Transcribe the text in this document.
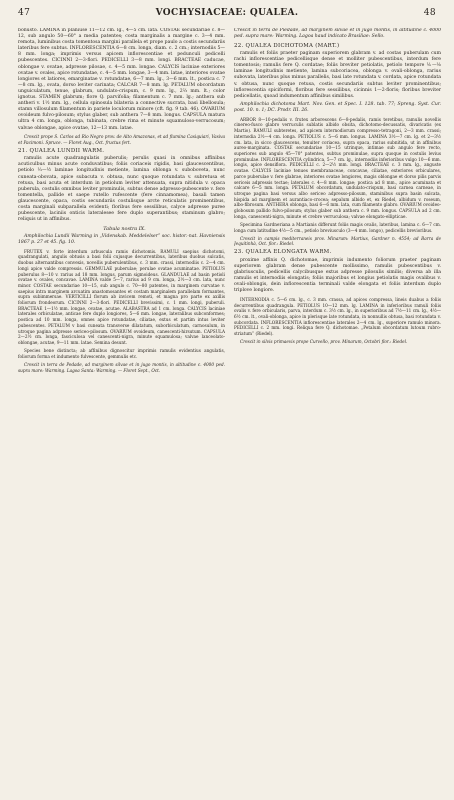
47	VOCHYSIACEAE: QUALEA.	48

bonusto. LAMINA in planiuse 11—12 cm. lg., 4—5 cm. lata. COSTAE secundariae c. 8—12, sub angulo 50—60° a media patentes; costa marginalis a margine c. 3—4 mm. remota, luminibus costa tomentosa margini parallela et prope paulo a costis secundariis lateribus fere subtus. INFLORESCENTIA 6—8 cm. longa, diam. c. 2 cm.; internodiis 5—8 mm. longa; imprimis versus apicem inflorescentiae et pedunculi pedicelli pubescentes. CICINNI 2—3-flori. PEDICELLI 3—8 mm. longi. BRACTEAE caducae, oblongae v. ovatae, adpresse pilosae, c. 4—5 mm. longae. CALYCIS laciniae exteriores ovatae v. ovales, apice rotundatae, c. 4—5 mm. longae, 3—4 mm. latae, interiores ovatae longiores et latiores, emarginatae v. rotundatae, 6—7 mm. lg., 3—6 mm. lt., postica c. 7—8 cm. lg., ovata, dorso leviter carinata; CALCAR 7—8 mm. lg. PETALUM obcordatum unguiculatum, tenue, glabrum, undulato-crispum, c. 9 mm. lg., 2⅔ mm. lt.; color ignotus. STAMEN glabrum; flore Q. parvifolia; filamentum c. 7 mm. lg.; anthera sub antheri v. 1½ mm. lg., cellula spinosula bilateria a connective sucrata, basi libellosula; stamn villosulum filamentum in pariete loculorum minore (cft. fig. 9 tab. 46). OVARIUM ovoideum fulvo-pilosum; stylus glaber, sub anthera 7—8 mm. longus. CAPSULA matura ultra 4 cm. longa, oblonga, tubinata, crebre rima et minute squamuloso-verrucosum; valvae oblongae, apice ovatae, 12—13 mm. latae.

Crescit prope S. Carlos ad Rio Negro prov. de Alto Amazonas, et ad flumina Casiquiari, Vasiva et Pacimoni. Spruce. — Floret Aug., Oct. fructus fert.

21. QUALEA LUNDII WARM.

ramulis acute quadrangulatis puberulis; perulis quasi in omnibus affinibus acuticulbus minus acute conduvatibus; foliis coriaceis rigidis, basi glaucescentibus, petiolo ⅓—½ laminae longitudinis metiente, lamina oblonga v. suboboveta, nunc cuneata-obovata, apice subacuta v. obtusa, nunc quoque rotundata v. subretusa et retusa, basi acuta et interdum in petiolum leviter attenuata, supra nitidula v. opaca puberula, costulis omnibus leviter prominulis, subtus dense adpresso-pubescente v. fere tomentella, pallide et saepe rutello rufescente (fere cinnamomea), basali tamen glaucescente, opaca, costis secundariis costulisque arcte reticulatis prominentibus, costa marginali subparallela evidenti; floribus fere sessilibus, calyce adpresse puree pubescente, laciniis onticis lateralesee fere duplo superantibus; staminum glabro; reliquis ut in affinibus.

Tabula nostra IX.

Amphilochia Lundii Warming in „Videnskab. Meddelelser” soc. histor.-nat. Havniensis 1867 p. 27 et 45. fig. 10.

FRUTEX v. forte interdum arbuscula ramis dichotomis. RAMULI saepius dichotomi, quadrangulati, angulis obtusis a basi folii cujusque decurrentibus, lateribus duobus sulcatis, duobus alternantibus convexis, novellis puberulentibus, c. 3 mm. crassi, internodiis c. 2—4 cm. longi apice valde compressis. GEMMULAE puberulae; perulae ovatae acuminatae. PETIOLUS puberulus 8—10 v. rarius ad 18 mm. longus, parum sigmoideus. GLANDULAE ad basin petioli ovatae v. ovales, concavae. LAMINA valde 5—7, rarius ad 9 cm. longa, 2½—3 cm. lata, nunc minor. COSTAE secundariae 10—15, sub angulo c. 70—80 patentes, in marginem curvatae v. saepius intra marginem arcuatim anastomosantes et costam marginalem parallelam formantes, supra subimmersae. VERTICILLI florum ab invicem remoti, et magna pro parte ex axillis foliorum frondeorum. CICINNI 2—3-flori. PEDICELLI brevissimi, c. 1 mm. longi, puberuli. BRACTEAE 1—1½ mm. longae, ovatae, acutae. ALABASTRA ad 1 cm. longa. CALYCIS laciniae laterales orbiculatae, anticae fere duplo longiores, 5—6 mm. longae, lateralibus subconformes; postica ad 10 mm. longa, omnes apice rotundatae, ciliatae, extus et partim intus leviter pubescentes. PETALUM v basi cuneata transverse dilatatum, suborbiculatum, carnosulum, in utroque pagina adpresse sericeo-pilosum. OVARIUM ovoideum, canescenti-hirsutum. CAPSULA 2—2½ cm. longa, fasciculosa vel canescenti-nigra, minute squamulosa; valvae lanceolato-oblongae, acutae, 9—11 mm. latae. Semina desunt.

Species bene distincta; ab affinibus dignoscitur imprimis ramulis evidentius angulatis, foliorum forma et indumento fulvescente, gemmulis etc.

Crescit in terra de Pedade, ad marginem silvae et in jugo montis, in altitudine c. 4000 ped. supra mare: Warming. Lagoa Santa: Warming. — Floret Sept., Oct.

Crescit in terra de Piedade, ad marginem silvae et in jugo montis, in altitudine c. 4000 ped. supra mare: Warming. Lagoa haud indicato Brasiliae: Sello.

22. QUALEA DICHOTOMA (MART.)

ramulis et foliis praeter paginam superiorem glabram v. ad costas puberulam cum rachi inflorescentiae pedicellisque dense et molliter pubescentibus, interdum fere tomentosis; ramulis fere Q. cordatae; foliis breviter petiolatis, petiolo tempore ⅙—⅛ laminae longitudinis metiente, lamina subcoriacea, oblonga v. ovali-oblonga, rarius subovata, lateribus plus minus parallelis, basi late rotundata v. cordata, apice rotundata v. obtusa, nunc quoque retusa, costis secundariis subtus leviter prominentibus; inflorescentia spiciformi, floribus fere sessilibus, cicinnis 1—2-floris; floribus breviter pedicellatis, quoad indumentum affinibus similibus.

Amphilochia dichotoma Mart. Nov. Gen. et Spec. I. 128. tab. 77; Spreng. Syst. Cur. post. 10. n. 1; DC. Prodr. III. 26.

ARBOR 8—10-pedalis v. frutex arborescens 6—8-pedalis, ramis teretibus, ramulis novellis cinereo-fusco glabro verruculis sublatis albido obsita, dichotomo-decussatis, divaricatis (ex Martio). RAMULI subteretes, ad apicem internodiorum compresso-tetragoni, 2—3 mm. crassi; internodia 2½—4 cm. longa. PETIOLUS c. 5—6 mm. longus. LAMINA 3½—7 cm. lg. et 2—3½ cm. lata, in sicco glaucescens, tenuiter coriacea, supra opaca, rarius subnitida, ut in affinibus aureo-marginata. COSTAE secundariae 10—15 utrinque, intimae sub angulo fere recto, superiores sub angulo 45—70° patentes, subtus prominulae, supra quoque in costulis levius prominulae. INFLORESCENTIA cylindrica, 5—7 cm. lg., internodiis inferioribus vulgo 10—6 mm. longis, apice densiflora. PEDICELLI c. 2—2½ mm. longi. BRACTEAE c. 3 mm. lg., anguste ovatae. CALYCIS laciniae tenues membranaceae, concavae, ciliatae, exteriores orbiculares, parce puberulae v. fere glabrae, interiores ovatae longiores, magis oblongae et dorso pilis parvis sericeis adpressis tectae; laterales c. 4—8 mm. longae; postica ad 8 mm., apice acuminata et calcare 6—5 mm. longa. PETALUM obcordatum, undulato-crispum, basi carnea carneae, in utroque pagina basi versus albo sericeo adpresso-pilosum, staminibus supra basin sulcata, hispida ad marginem et aurantiaco-crocea; sepalum albido et, ex Riedel, albidum v. roseum, albo-fibrosum. ANTHERA oblonga, basi 6—6 mm. lata, cum filamento glabro. OVARIUM ovoideo-globosum pallido fulvo-pilosum; stylus glaber sub anthera c. 9 mm. longus. CAPSULA ad 2 cm. longa, canescenti-nigra, minute et crebre verruculosa; valvae elongato-ellipticae.

Specimina Gardneriana a Martianis differunt foliis magis ovalis, lateribus, lamina c. 6—7 cm. longa cum latitudine 4½—5 cm., petiolo breviusculo (3—4 mm. longo), pedicellis brevioribus.

Crescit in campis mediterraneis prov. Minarum: Martius, Gardner n. 4554; ad Barra de Jequitinhà, Oct. flor.: Riedel.

23. QUALEA ELONGATA WARM.

proxime affinis Q. dichotomae, imprimis indumento foliorum praeter paginam superiorem glabram dense pubescente mollissimo, ramulis pubescentibus v. glabriusculis, pedicellis calycibusque extus adpresse pilosulis similis; diversa ab illa ramulis et internodiis elongatis; foliis majoribus et longius petiolatis magis ovalibus v. ovali-oblongis, dein inflorescentia terminali valde elongata et foliis interdum duplo triplove longiore.

INTERNODIA c. 5—6 cm. lg., c. 3 mm. crassa, ad apices compressa, lineis duabus a foliis decurrentibus quadrangula. PETIOLUS 10—12 mm. lg. LAMINA in inferioribus ramuli foliis ovalis v. fere orbicularis, parva, interdum c. 3½ cm. lg., in superioribus ad 7½—11 cm. lg., 4½—6½ cm. lt., ovali-oblonga, apice in plerisque late rotundata, in nonnullis obtusa, basi rotundata v. subcordata. INFLORESCENTIA inflorescentiae laterales 2—4 cm. lg., superiore ramulo minora. PEDICELLI c. 2 mm. longi. Reliqua fere Q. dichotomae. „Petalum obcordatum lutoum rubro-striatum” (Riedel).

Crescit in silvis primaevis prope Curvello, prov. Minarum, Octobri flor.: Riedel.
